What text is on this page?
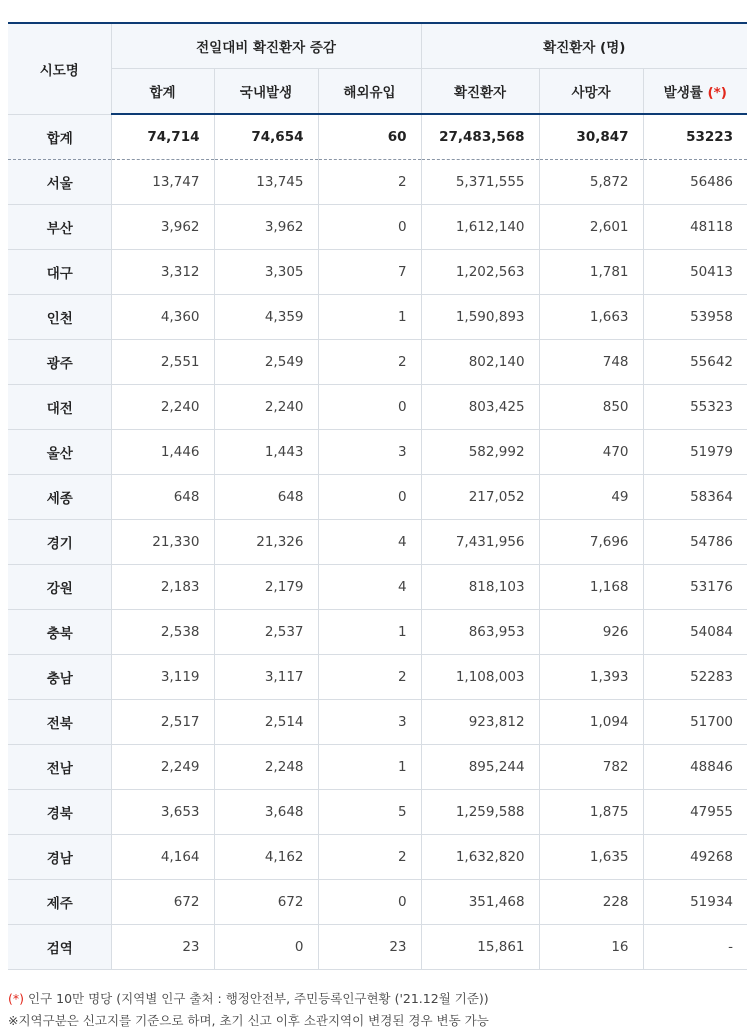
시도명	전일대비 확진환자 증감			확진환자 (명)		
	합계	국내발생	해외유입	확진환자	사망자	발생률 (*)
합계	74,714	74,654	60	27,483,568	30,847	53223
서울	13,747	13,745	2	5,371,555	5,872	56486
부산	3,962	3,962	0	1,612,140	2,601	48118
대구	3,312	3,305	7	1,202,563	1,781	50413
인천	4,360	4,359	1	1,590,893	1,663	53958
광주	2,551	2,549	2	802,140	748	55642
대전	2,240	2,240	0	803,425	850	55323
울산	1,446	1,443	3	582,992	470	51979
세종	648	648	0	217,052	49	58364
경기	21,330	21,326	4	7,431,956	7,696	54786
강원	2,183	2,179	4	818,103	1,168	53176
충북	2,538	2,537	1	863,953	926	54084
충남	3,119	3,117	2	1,108,003	1,393	52283
전북	2,517	2,514	3	923,812	1,094	51700
전남	2,249	2,248	1	895,244	782	48846
경북	3,653	3,648	5	1,259,588	1,875	47955
경남	4,164	4,162	2	1,632,820	1,635	49268
제주	672	672	0	351,468	228	51934
검역	23	0	23	15,861	16	-
(*) 인구 10만 명당 (지역별 인구 출처 : 행정안전부, 주민등록인구현황 ('21.12월 기준))
※지역구분은 신고지를 기준으로 하며, 초기 신고 이후 소관지역이 변경된 경우 변동 가능
